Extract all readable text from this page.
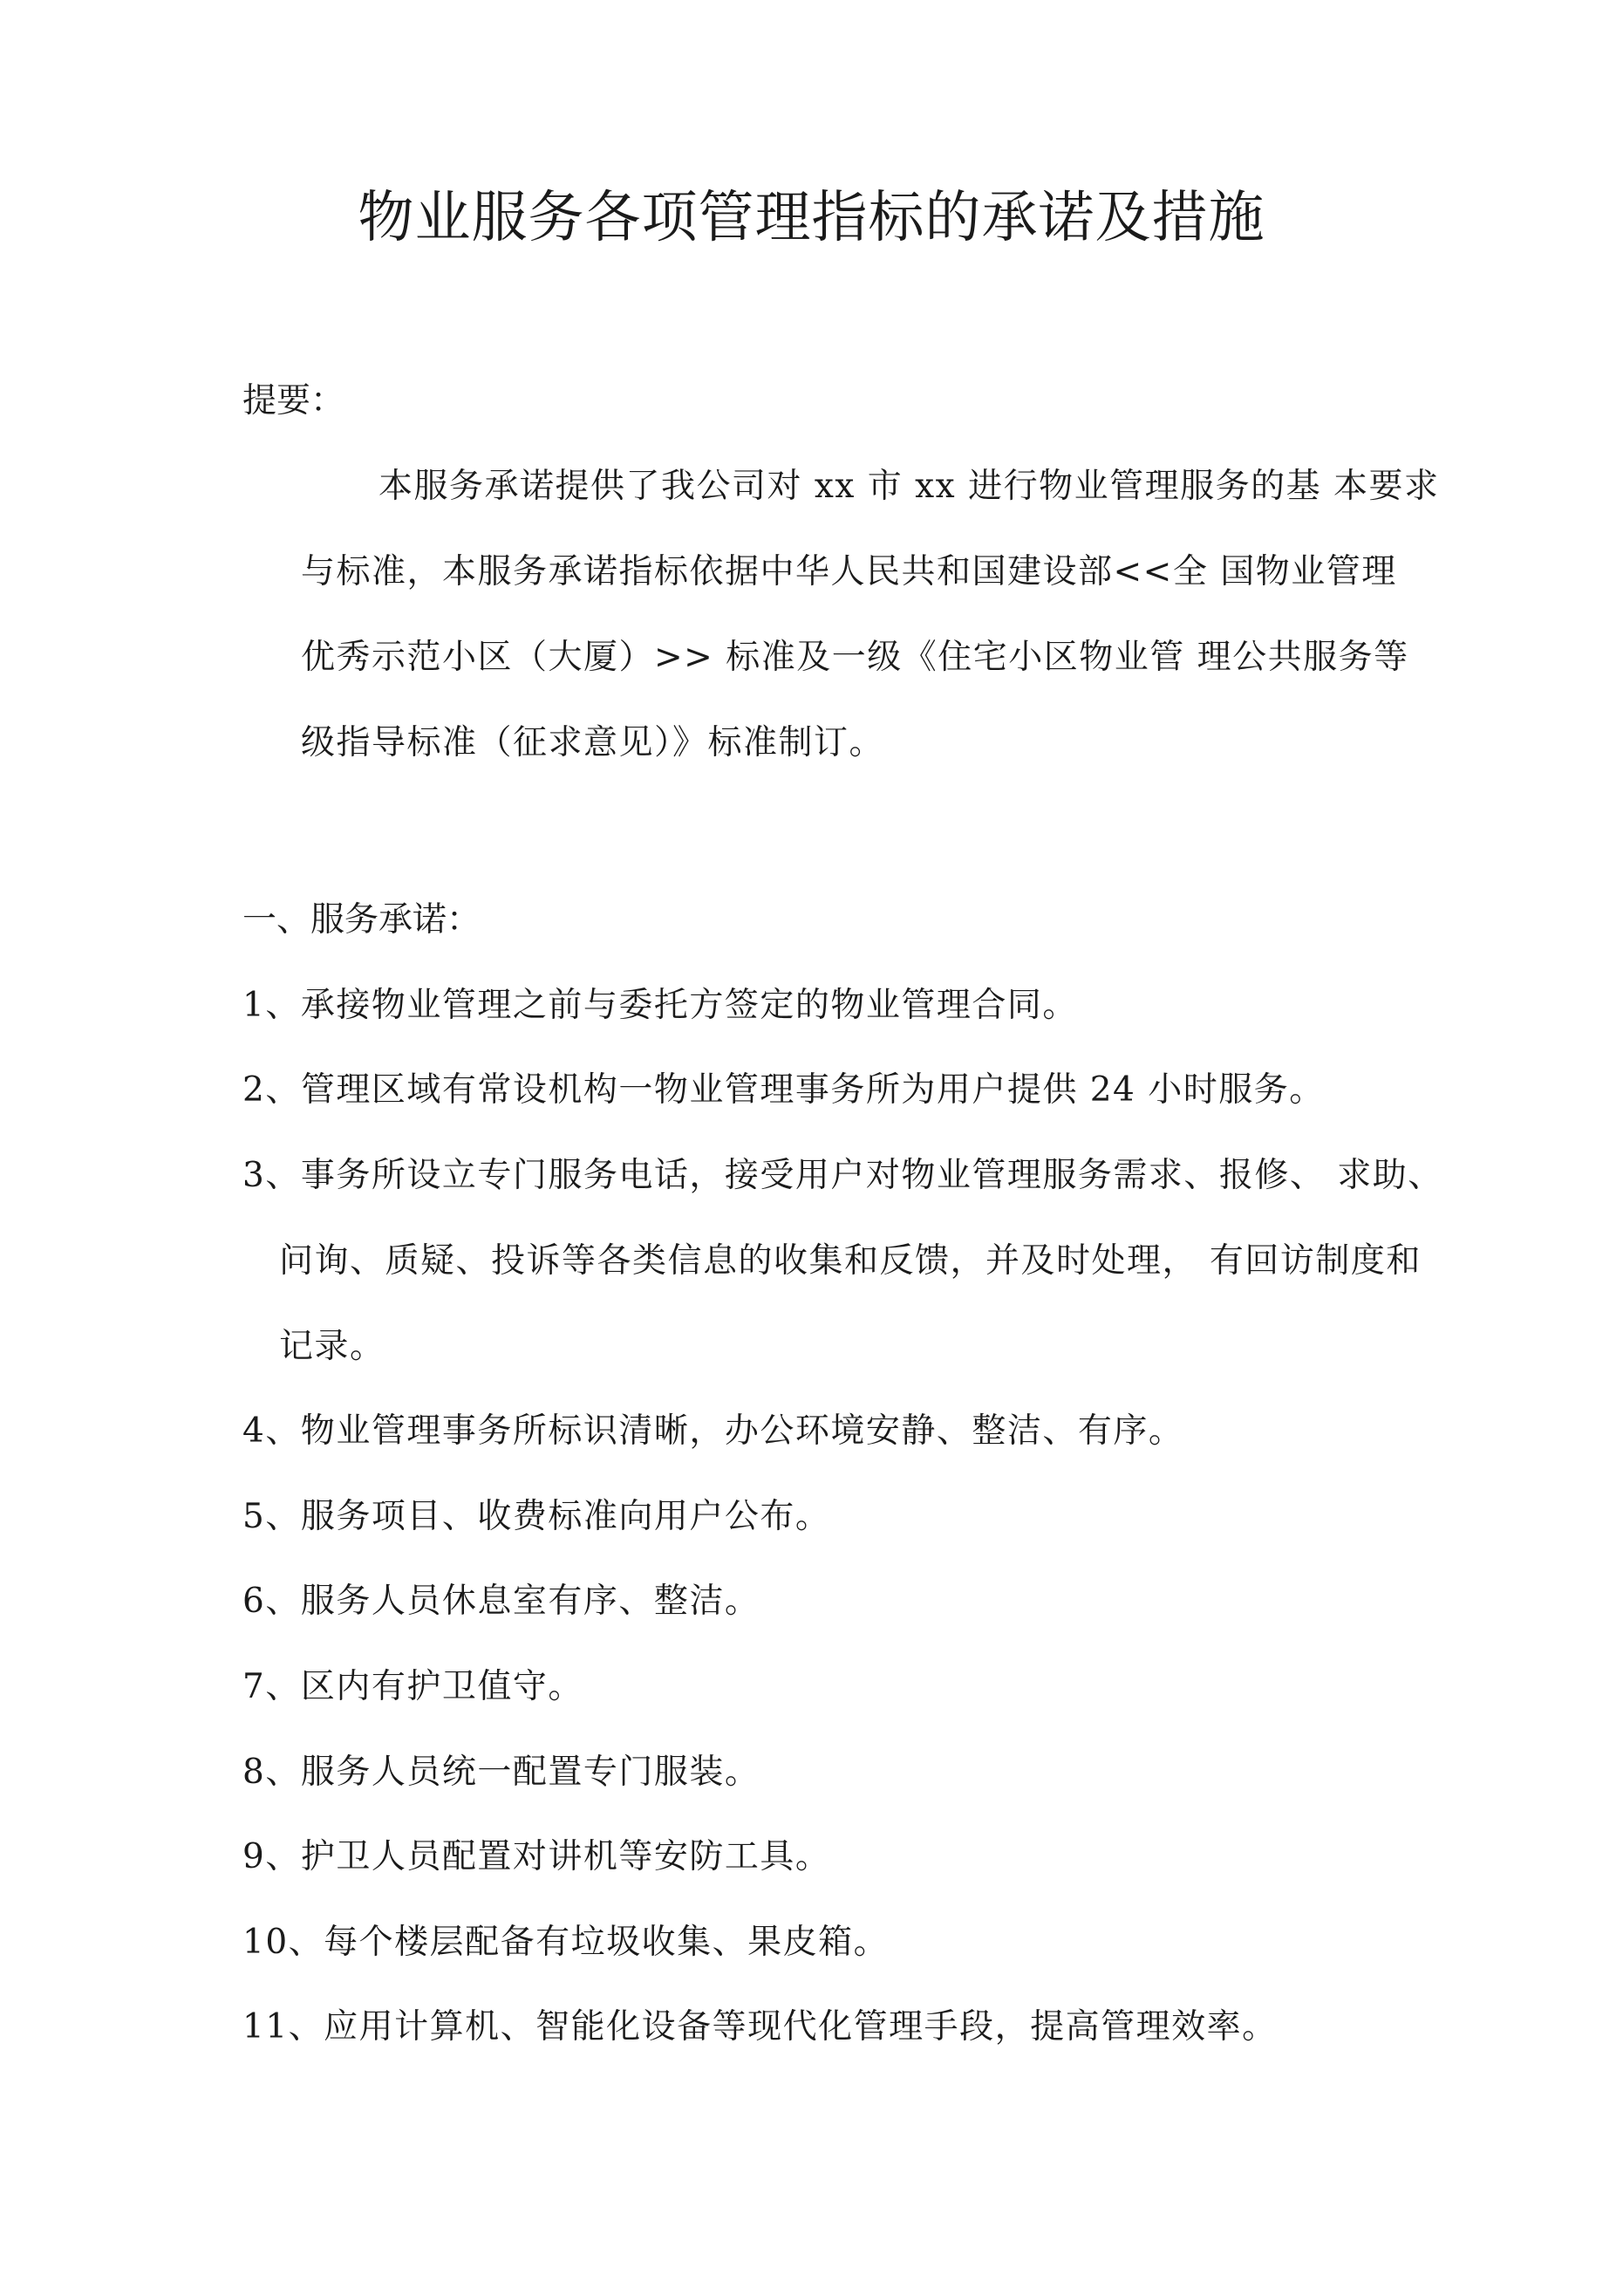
物业服务各项管理指标的承诺及措施
提要：
本服务承诺提供了我公司对 xx 市 xx 进行物业管理服务的基 本要求
与标准，本服务承诺指标依据中华人民共和国建设部<<全 国物业管理
优秀示范小区（大厦）>> 标准及一级《住宅小区物业管 理公共服务等
级指导标准（征求意见）》标准制订。
一、服务承诺：
1、承接物业管理之前与委托方签定的物业管理合同。
2、管理区域有常设机构一物业管理事务所为用户提供 24 小时服务。
3、事务所设立专门服务电话，接受用户对物业管理服务需求、报修、 求助、
问询、质疑、投诉等各类信息的收集和反馈，并及时处理， 有回访制度和
记录。
4、物业管理事务所标识清晰，办公环境安静、整洁、有序。
5、服务项目、收费标准向用户公布。
6、服务人员休息室有序、整洁。
7、区内有护卫值守。
8、服务人员统一配置专门服装。
9、护卫人员配置对讲机等安防工具。
10、每个楼层配备有垃圾收集、果皮箱。
11、应用计算机、智能化设备等现代化管理手段，提高管理效率。
